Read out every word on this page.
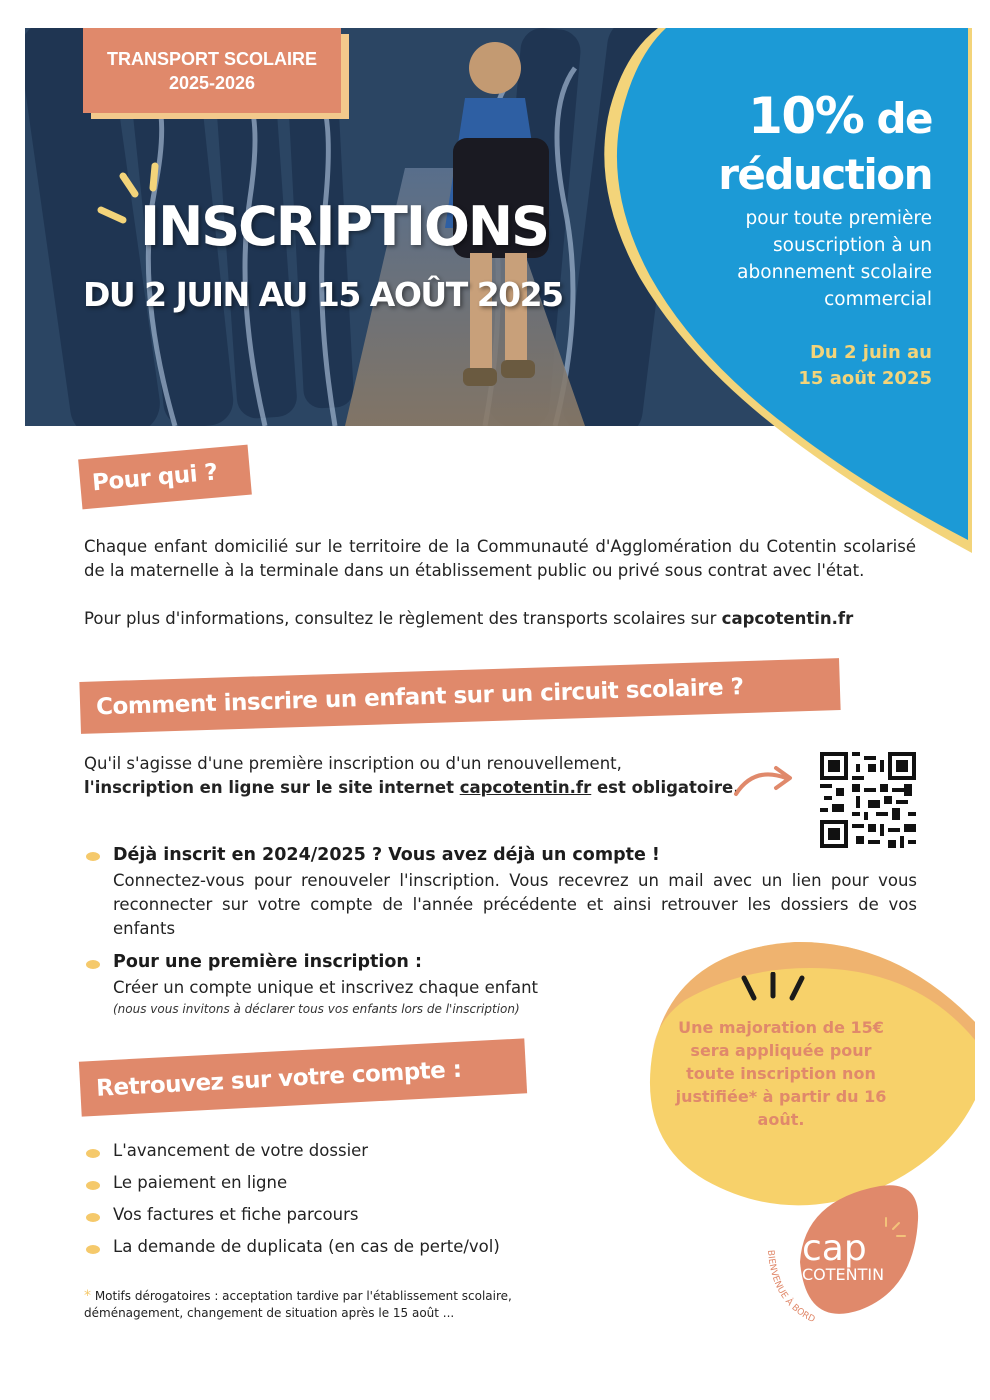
TRANSPORT SCOLAIRE
2025-2026
INSCRIPTIONS
DU 2 JUIN AU 15 AOÛT 2025
10% de
réduction
pour toute première souscription à un abonnement scolaire commercial
Du 2 juin au
15 août 2025
Pour qui ?
Chaque enfant domicilié sur le territoire de la Communauté d'Agglomération du Cotentin scolarisé de la maternelle à la terminale dans un établissement public ou privé sous contrat avec l'état.
Pour plus d'informations, consultez le règlement des transports scolaires sur capcotentin.fr
Comment inscrire un enfant sur un circuit scolaire ?
Qu'il s'agisse d'une première inscription ou d'un renouvellement,
l'inscription en ligne sur le site internet capcotentin.fr est obligatoire.
Déjà inscrit en 2024/2025 ? Vous avez déjà un compte !
Connectez-vous pour renouveler l'inscription. Vous recevrez un mail avec un lien pour vous reconnecter sur votre compte de l'année précédente et ainsi retrouver les dossiers de vos enfants
Pour une première inscription :
Créer un compte unique et inscrivez chaque enfant
(nous vous invitons à déclarer tous vos enfants lors de l'inscription)
Retrouvez sur votre compte :
L'avancement de votre dossier
Le paiement en ligne
Vos factures et fiche parcours
La demande de duplicata (en cas de perte/vol)
Une majoration de 15€ sera appliquée pour toute inscription non justifiée* à partir du 16 août.
* Motifs dérogatoires : acceptation tardive par l'établissement scolaire, déménagement, changement de situation après le 15 août ...
cap
COTENTIN
BIENVENUE À BORD
